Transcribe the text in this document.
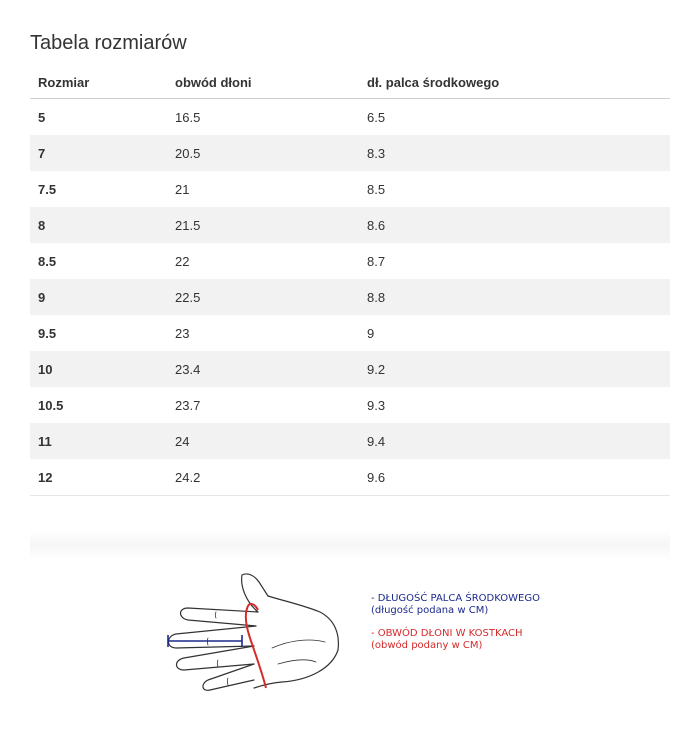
Tabela rozmiarów
Rozmiar	obwód dłoni	dł. palca środkowego
5	16.5	6.5
7	20.5	8.3
7.5	21	8.5
8	21.5	8.6
8.5	22	8.7
9	22.5	8.8
9.5	23	9
10	23.4	9.2
10.5	23.7	9.3
11	24	9.4
12	24.2	9.6
- DŁUGOŚĆ PALCA ŚRODKOWEGO
(długość podana w CM)
- OBWÓD DŁONI W KOSTKACH
(obwód podany w CM)
